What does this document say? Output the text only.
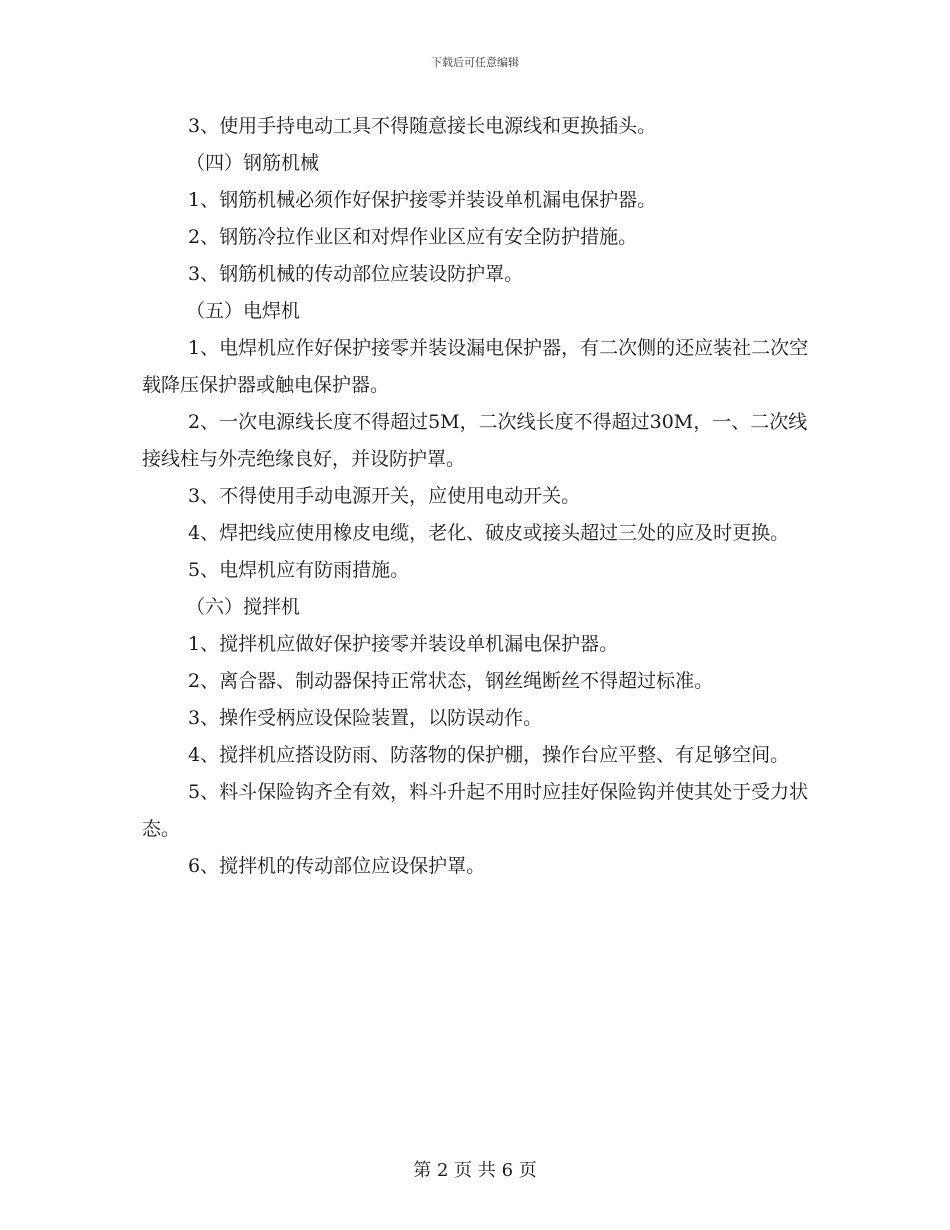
下载后可任意编辑

3、使用手持电动工具不得随意接长电源线和更换插头。

（四）钢筋机械

1、钢筋机械必须作好保护接零并装设单机漏电保护器。

2、钢筋冷拉作业区和对焊作业区应有安全防护措施。

3、钢筋机械的传动部位应装设防护罩。

（五）电焊机

1、电焊机应作好保护接零并装设漏电保护器，有二次侧的还应装社二次空载降压保护器或触电保护器。

2、一次电源线长度不得超过5M，二次线长度不得超过30M，一、二次线接线柱与外壳绝缘良好，并设防护罩。

3、不得使用手动电源开关，应使用电动开关。

4、焊把线应使用橡皮电缆，老化、破皮或接头超过三处的应及时更换。

5、电焊机应有防雨措施。

（六）搅拌机

1、搅拌机应做好保护接零并装设单机漏电保护器。

2、离合器、制动器保持正常状态，钢丝绳断丝不得超过标准。

3、操作受柄应设保险装置，以防误动作。

4、搅拌机应搭设防雨、防落物的保护棚，操作台应平整、有足够空间。

5、料斗保险钩齐全有效，料斗升起不用时应挂好保险钩并使其处于受力状态。

6、搅拌机的传动部位应设保护罩。

第 2 页 共 6 页
